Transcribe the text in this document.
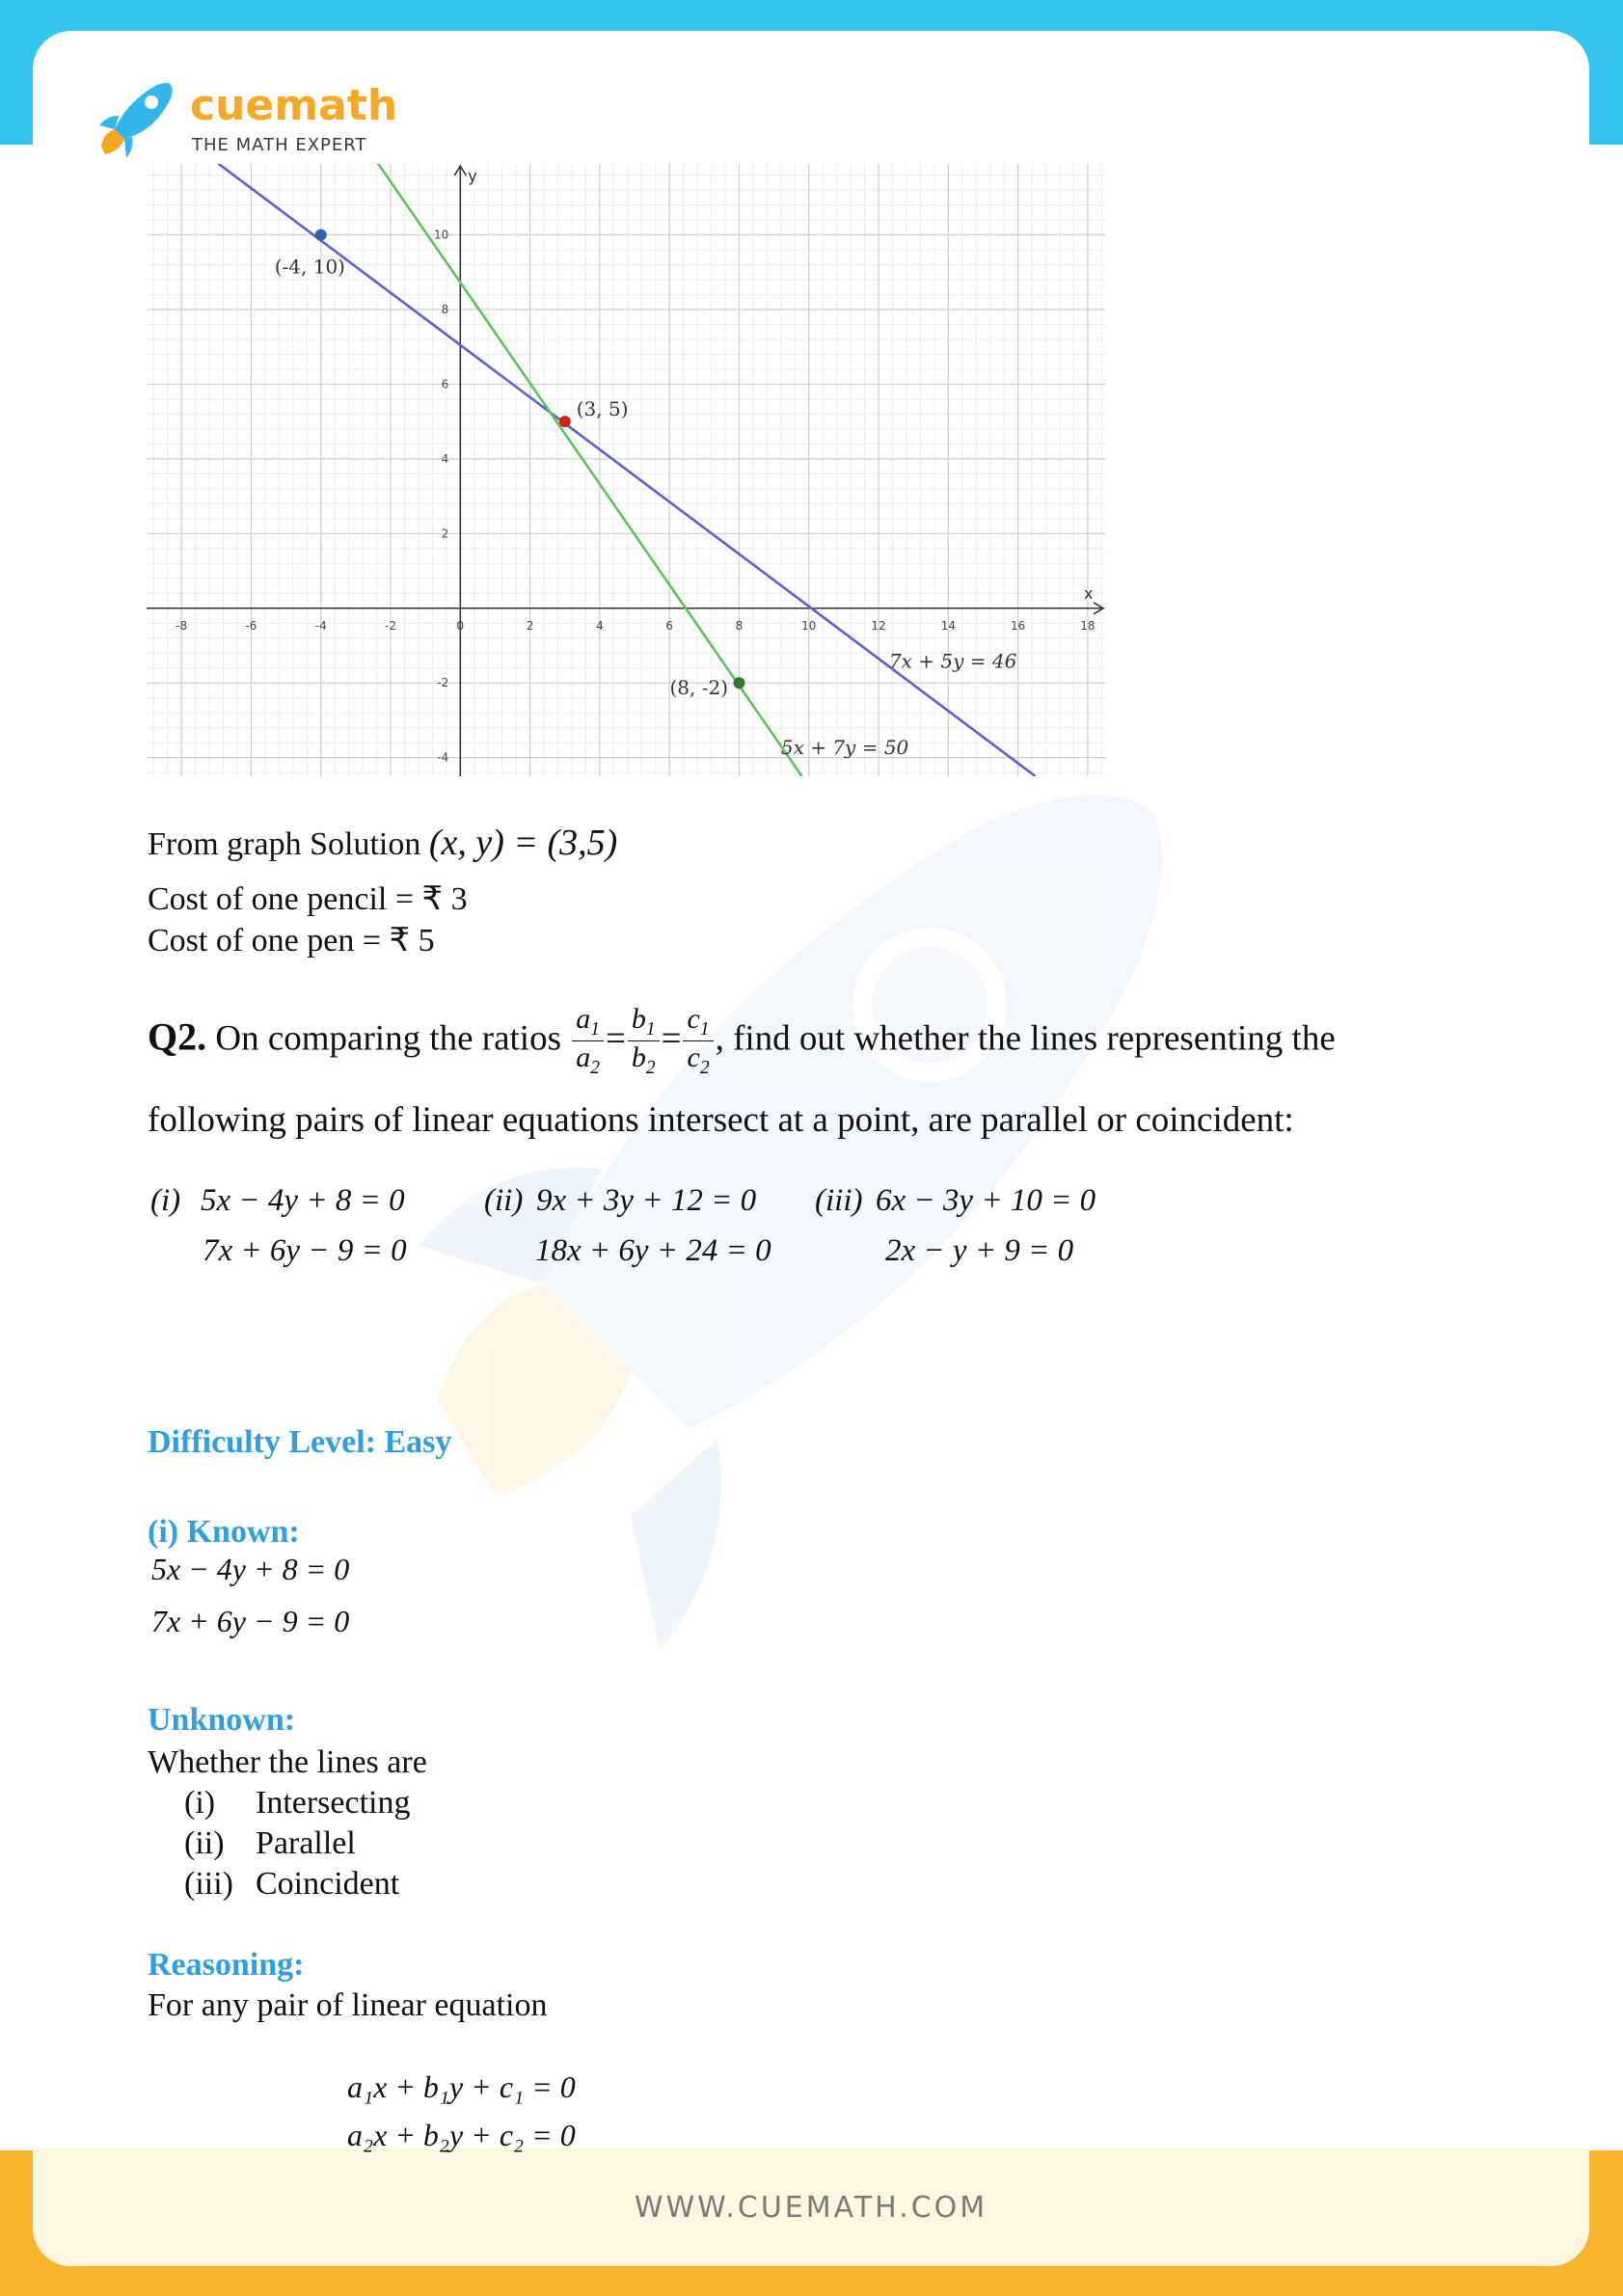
WWW.CUEMATH.COM
cuemath
THE MATH EXPERT
x
y
-8	-6	-4	-2	0	2	4	6	8	10	12	14	16	18
10
8
6
4
2
-2
-4
(-4, 10)
(3, 5)
(8, -2)
7x + 5y = 46
5x + 7y = 50
From graph Solution (x, y) = (3,5)
Cost of one pencil = ₹ 3
Cost of one pen = ₹ 5
Q2. On comparing the ratios $\frac{a_1}{a_2} = \frac{b_1}{b_2} = \frac{c_1}{c_2}$ , find out whether the lines representing the
following pairs of linear equations intersect at a point, are parallel or coincident:
(i) 5x − 4y + 8 = 0
7x + 6y − 9 = 0
(ii) 9x + 3y + 12 = 0
18x + 6y + 24 = 0
(iii) 6x − 3y + 10 = 0
2x − y + 9 = 0
Difficulty Level: Easy
(i) Known:
5x − 4y + 8 = 0
7x + 6y − 9 = 0
Unknown:
Whether the lines are
(i) Intersecting
(ii) Parallel
(iii) Coincident
Reasoning:
For any pair of linear equation
a₁x + b₁y + c₁ = 0
a₂x + b₂y + c₂ = 0
